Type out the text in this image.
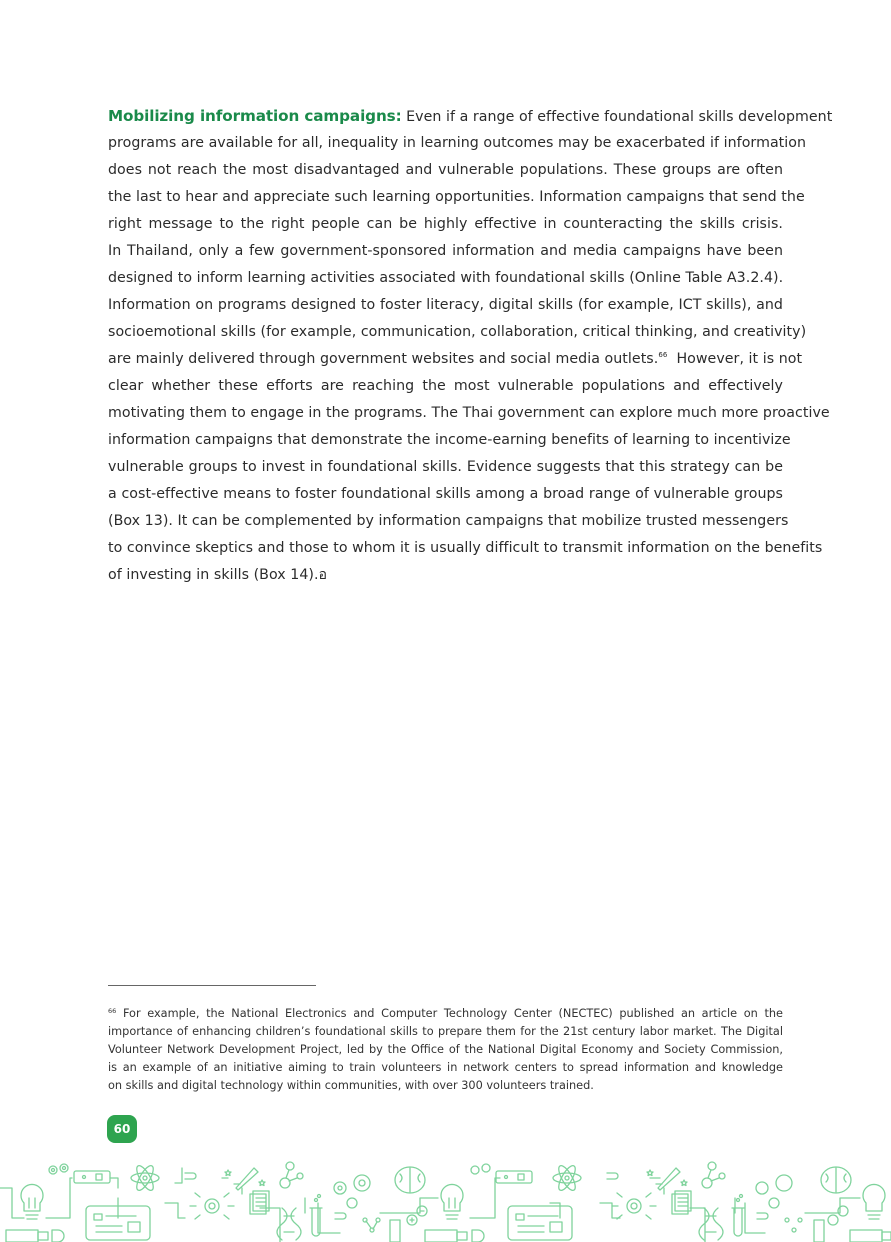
Mobilizing information campaigns: Even if a range of effective foundational skills development
programs are available for all, inequality in learning outcomes may be exacerbated if information
does not reach the most disadvantaged and vulnerable populations. These groups are often
the last to hear and appreciate such learning opportunities. Information campaigns that send the
right message to the right people can be highly effective in counteracting the skills crisis.
In Thailand, only a few government-sponsored information and media campaigns have been
designed to inform learning activities associated with foundational skills (Online Table A3.2.4).
Information on programs designed to foster literacy, digital skills (for example, ICT skills), and
socioemotional skills (for example, communication, collaboration, critical thinking, and creativity)
are mainly delivered through government websites and social media outlets.$^{66}$ However, it is not
clear whether these efforts are reaching the most vulnerable populations and effectively
motivating them to engage in the programs. The Thai government can explore much more proactive
information campaigns that demonstrate the income-earning benefits of learning to incentivize
vulnerable groups to invest in foundational skills. Evidence suggests that this strategy can be
a cost-effective means to foster foundational skills among a broad range of vulnerable groups
(Box 13). It can be complemented by information campaigns that mobilize trusted messengers
to convince skeptics and those to whom it is usually difficult to transmit information on the benefits
of investing in skills (Box 14).อ
$^{66}$ For example, the National Electronics and Computer Technology Center (NECTEC) published an article on the
importance of enhancing children’s foundational skills to prepare them for the 21st century labor market. The Digital
Volunteer Network Development Project, led by the Office of the National Digital Economy and Society Commission,
is an example of an initiative aiming to train volunteers in network centers to spread information and knowledge
on skills and digital technology within communities, with over 300 volunteers trained.
60
